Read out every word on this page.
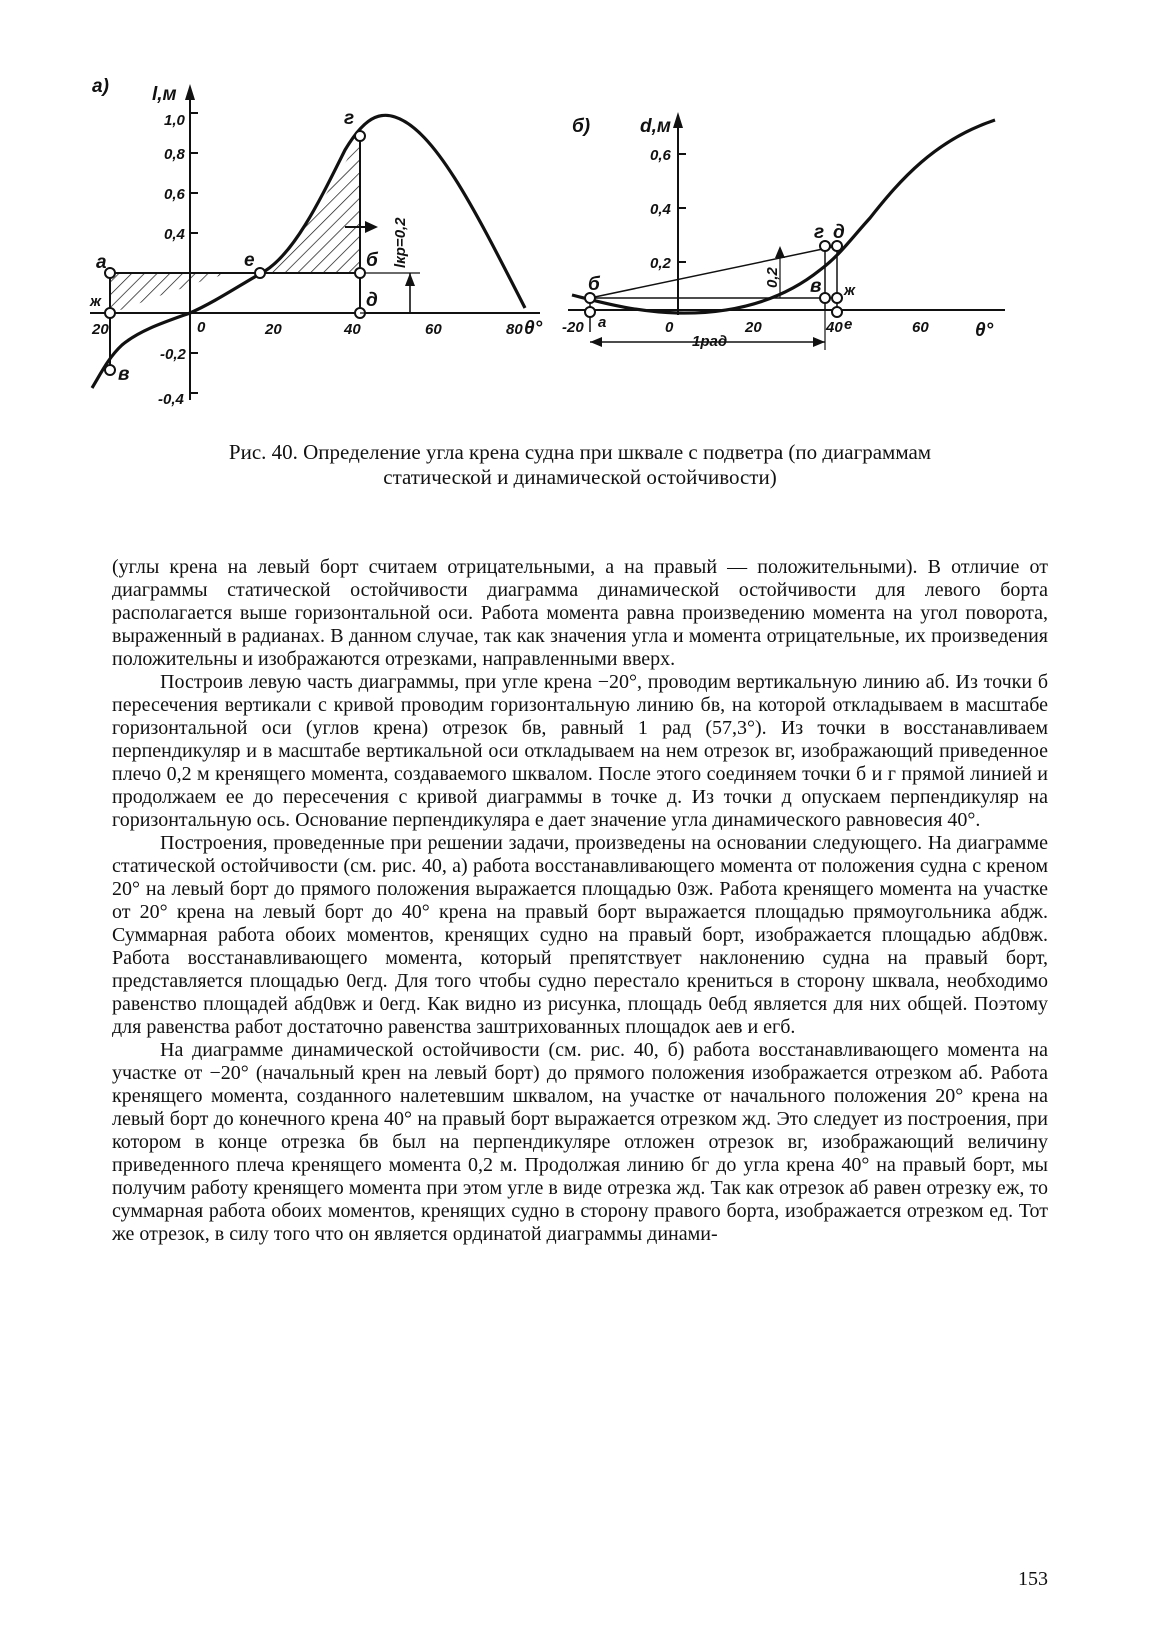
а)
1,0
0,8
0,6
0,4
-0,2
-0,4
l,м
20	0	20	40	60	80 θ°
а
ж
в
е
г
б
д
lкр=0,2
б)
0,6
0,4
0,2
d,м
-20	0	20	40	60 θ°
б
а
г д
в ж
е
1рад
0,2
Рис. 40. Определение угла крена судна при шквале с подветра (по диаграммам
статической и динамической остойчивости)

(углы крена на левый борт считаем отрицательными, а на правый — положительными). В отличие от диаграммы статической остойчивости диаграмма динамической остойчивости для левого борта располагается выше горизонтальной оси. Работа момента равна произведению момента на угол поворота, выраженный в радианах. В данном случае, так как значения угла и момента отрицательные, их произведения положительны и изображаются отрезками, направленными вверх.

Построив левую часть диаграммы, при угле крена −20°, проводим вертикальную линию аб. Из точки б пересечения вертикали с кривой проводим горизонтальную линию бв, на которой откладываем в масштабе горизонтальной оси (углов крена) отрезок бв, равный 1 рад (57,3°). Из точки в восстанавливаем перпендикуляр и в масштабе вертикальной оси откладываем на нем отрезок вг, изображающий приведенное плечо 0,2 м кренящего момента, создаваемого шквалом. После этого соединяем точки б и г прямой линией и продолжаем ее до пересечения с кривой диаграммы в точке д. Из точки д опускаем перпендикуляр на горизонтальную ось. Основание перпендикуляра е дает значение угла динамического равновесия 40°.

Построения, проведенные при решении задачи, произведены на основании следующего. На диаграмме статической остойчивости (см. рис. 40, а) работа восстанавливающего момента от положения судна с креном 20° на левый борт до прямого положения выражается площадью 0зж. Работа кренящего момента на участке от 20° крена на левый борт до 40° крена на правый борт выражается площадью прямоугольника абдж. Суммарная работа обоих моментов, кренящих судно на правый борт, изображается площадью абд0вж. Работа восстанавливающего момента, который препятствует наклонению судна на правый борт, представляется площадью 0егд. Для того чтобы судно перестало крениться в сторону шквала, необходимо равенство площадей абд0вж и 0егд. Как видно из рисунка, площадь 0ебд является для них общей. Поэтому для равенства работ достаточно равенства заштрихованных площадок аев и егб.

На диаграмме динамической остойчивости (см. рис. 40, б) работа восстанавливающего момента на участке от −20° (начальный крен на левый борт) до прямого положения изображается отрезком аб. Работа кренящего момента, созданного налетевшим шквалом, на участке от начального положения 20° крена на левый борт до конечного крена 40° на правый борт выражается отрезком жд. Это следует из построения, при котором в конце отрезка бв был на перпендикуляре отложен отрезок вг, изображающий величину приведенного плеча кренящего момента 0,2 м. Продолжая линию бг до угла крена 40° на правый борт, мы получим работу кренящего момента при этом угле в виде отрезка жд. Так как отрезок аб равен отрезку еж, то суммарная работа обоих моментов, кренящих судно в сторону правого борта, изображается отрезком ед. Тот же отрезок, в силу того что он является ординатой диаграммы динами-

153
